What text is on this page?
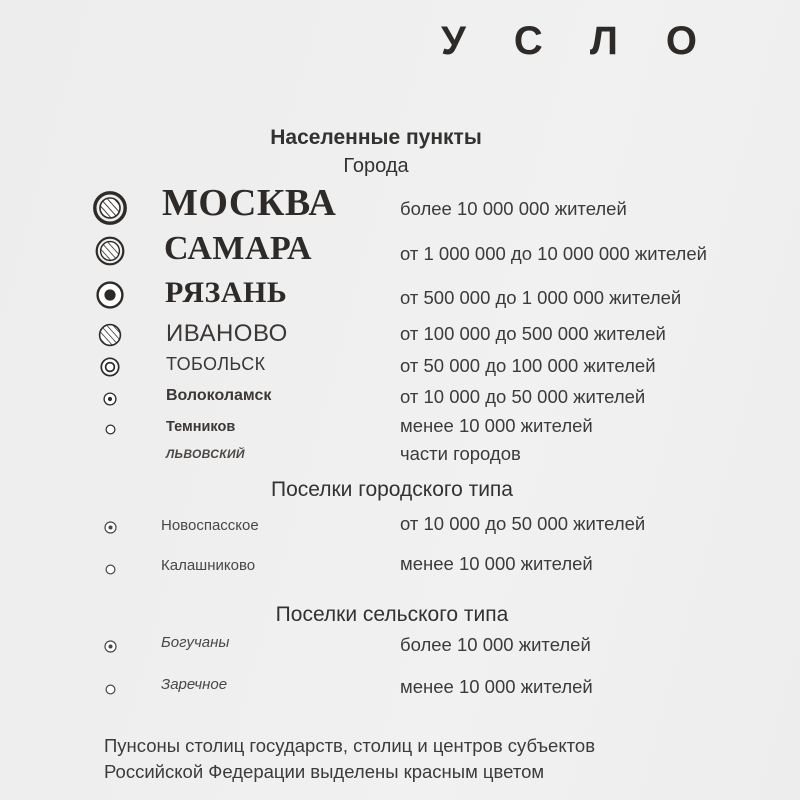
УСЛО
Населенные пункты
Города
МОСКВА	более 10 000 000 жителей
САМАРА	от 1 000 000 до 10 000 000 жителей
РЯЗАНЬ	от 500 000 до 1 000 000 жителей
ИВАНОВО	от 100 000 до 500 000 жителей
ТОБОЛЬСК	от 50 000 до 100 000 жителей
Волоколамск	от 10 000 до 50 000 жителей
Темников	менее 10 000 жителей
ЛЬВОВСКИЙ	части городов
Поселки городского типа
Новоспасское	от 10 000 до 50 000 жителей
Калашниково	менее 10 000 жителей
Поселки сельского типа
Богучаны	более 10 000 жителей
Заречное	менее 10 000 жителей
Пунсоны столиц государств, столиц и центров субъектов
Российской Федерации выделены красным цветом
